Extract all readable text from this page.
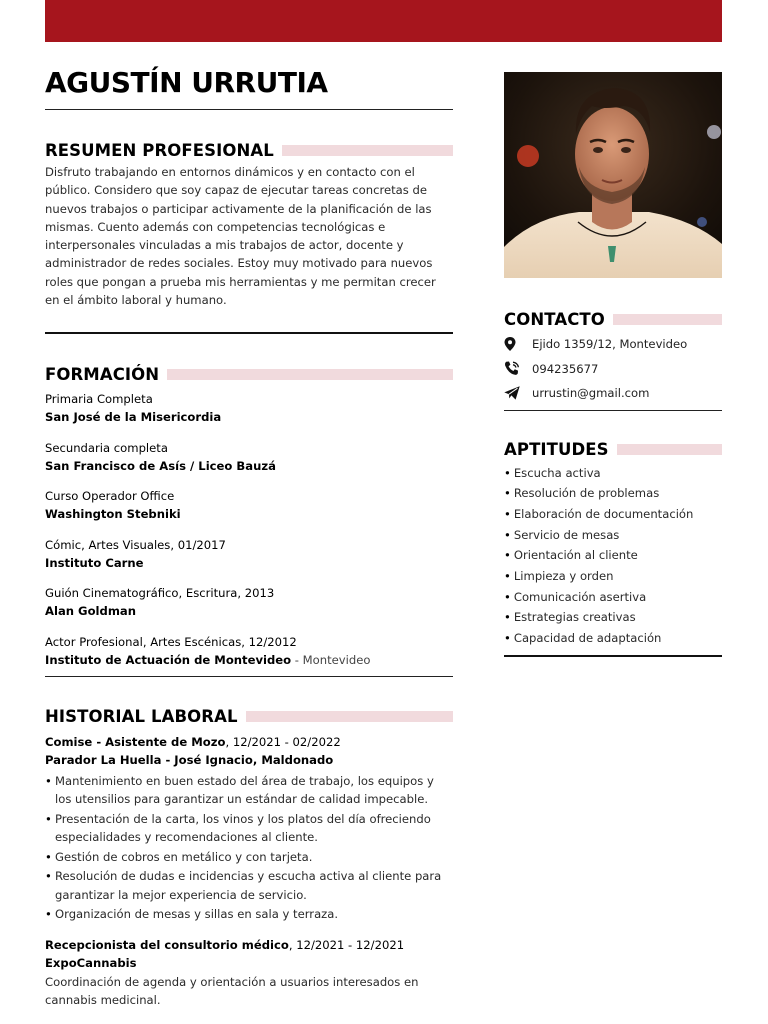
AGUSTÍN URRUTIA
RESUMEN PROFESIONAL

Disfruto trabajando en entornos dinámicos y en contacto con el público. Considero que soy capaz de ejecutar tareas concretas de nuevos trabajos o participar activamente de la planificación de las mismas. Cuento además con competencias tecnológicas e interpersonales vinculadas a mis trabajos de actor, docente y administrador de redes sociales. Estoy muy motivado para nuevos roles que pongan a prueba mis herramientas y me permitan crecer en el ámbito laboral y humano.

FORMACIÓN
Primaria Completa
San José de la Misericordia
Secundaria completa
San Francisco de Asís / Liceo Bauzá
Curso Operador Office
Washington Stebniki
Cómic, Artes Visuales, 01/2017
Instituto Carne
Guión Cinematográfico, Escritura, 2013
Alan Goldman
Actor Profesional, Artes Escénicas, 12/2012
Instituto de Actuación de Montevideo - Montevideo
HISTORIAL LABORAL
Comise - Asistente de Mozo, 12/2021 - 02/2022
Parador La Huella - José Ignacio, Maldonado
• Mantenimiento en buen estado del área de trabajo, los equipos y los utensilios para garantizar un estándar de calidad impecable.
• Presentación de la carta, los vinos y los platos del día ofreciendo especialidades y recomendaciones al cliente.
• Gestión de cobros en metálico y con tarjeta.
• Resolución de dudas e incidencias y escucha activa al cliente para garantizar la mejor experiencia de servicio.
• Organización de mesas y sillas en sala y terraza.
Recepcionista del consultorio médico, 12/2021 - 12/2021
ExpoCannabis

Coordinación de agenda y orientación a usuarios interesados en cannabis medicinal.

CONTACTO
Ejido 1359/12, Montevideo
094235677
urrustin@gmail.com
APTITUDES
• Escucha activa
• Resolución de problemas
• Elaboración de documentación
• Servicio de mesas
• Orientación al cliente
• Limpieza y orden
• Comunicación asertiva
• Estrategias creativas
• Capacidad de adaptación
